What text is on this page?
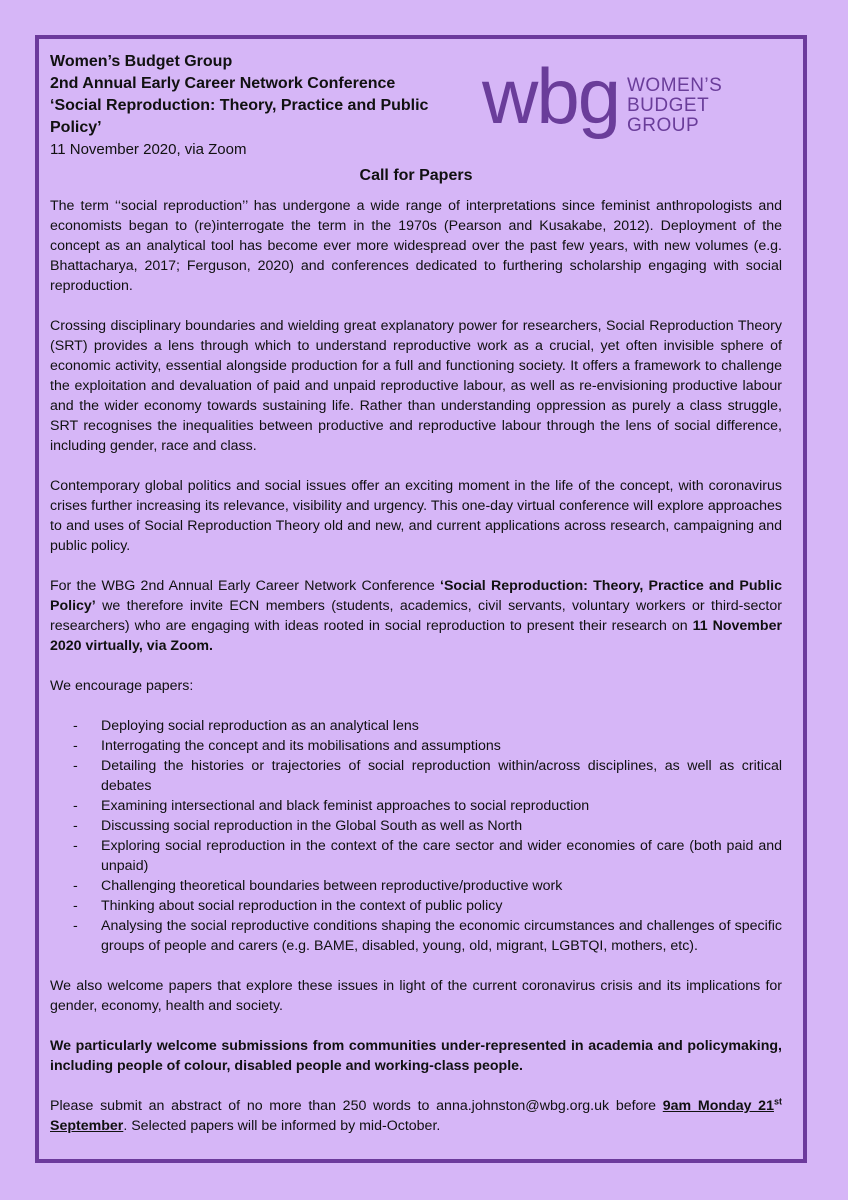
wbg WOMEN’S
BUDGET
GROUP
Women’s Budget Group
2nd Annual Early Career Network Conference
‘Social Reproduction: Theory, Practice and Public Policy’
11 November 2020, via Zoom
Call for Papers

The term ‘‘social reproduction’’ has undergone a wide range of interpretations since feminist anthropologists and economists began to (re)interrogate the term in the 1970s (Pearson and Kusakabe, 2012). Deployment of the concept as an analytical tool has become ever more widespread over the past few years, with new volumes (e.g. Bhattacharya, 2017; Ferguson, 2020) and conferences dedicated to furthering scholarship engaging with social reproduction.

Crossing disciplinary boundaries and wielding great explanatory power for researchers, Social Reproduction Theory (SRT) provides a lens through which to understand reproductive work as a crucial, yet often invisible sphere of economic activity, essential alongside production for a full and functioning society. It offers a framework to challenge the exploitation and devaluation of paid and unpaid reproductive labour, as well as re-envisioning productive labour and the wider economy towards sustaining life. Rather than understanding oppression as purely a class struggle, SRT recognises the inequalities between productive and reproductive labour through the lens of social difference, including gender, race and class.

Contemporary global politics and social issues offer an exciting moment in the life of the concept, with coronavirus crises further increasing its relevance, visibility and urgency. This one-day virtual conference will explore approaches to and uses of Social Reproduction Theory old and new, and current applications across research, campaigning and public policy.

For the WBG 2nd Annual Early Career Network Conference ‘Social Reproduction: Theory, Practice and Public Policy’ we therefore invite ECN members (students, academics, civil servants, voluntary workers or third-sector researchers) who are engaging with ideas rooted in social reproduction to present their research on 11 November 2020 virtually, via Zoom.

We encourage papers:

- Deploying social reproduction as an analytical lens
- Interrogating the concept and its mobilisations and assumptions
- Detailing the histories or trajectories of social reproduction within/across disciplines, as well as critical debates
- Examining intersectional and black feminist approaches to social reproduction
- Discussing social reproduction in the Global South as well as North
- Exploring social reproduction in the context of the care sector and wider economies of care (both paid and unpaid)
- Challenging theoretical boundaries between reproductive/productive work
- Thinking about social reproduction in the context of public policy
- Analysing the social reproductive conditions shaping the economic circumstances and challenges of specific groups of people and carers (e.g. BAME, disabled, young, old, migrant, LGBTQI, mothers, etc).

We also welcome papers that explore these issues in light of the current coronavirus crisis and its implications for gender, economy, health and society.

We particularly welcome submissions from communities under-represented in academia and policymaking, including people of colour, disabled people and working-class people.

Please submit an abstract of no more than 250 words to anna.johnston@wbg.org.uk before 9am Monday 21st September. Selected papers will be informed by mid-October.
